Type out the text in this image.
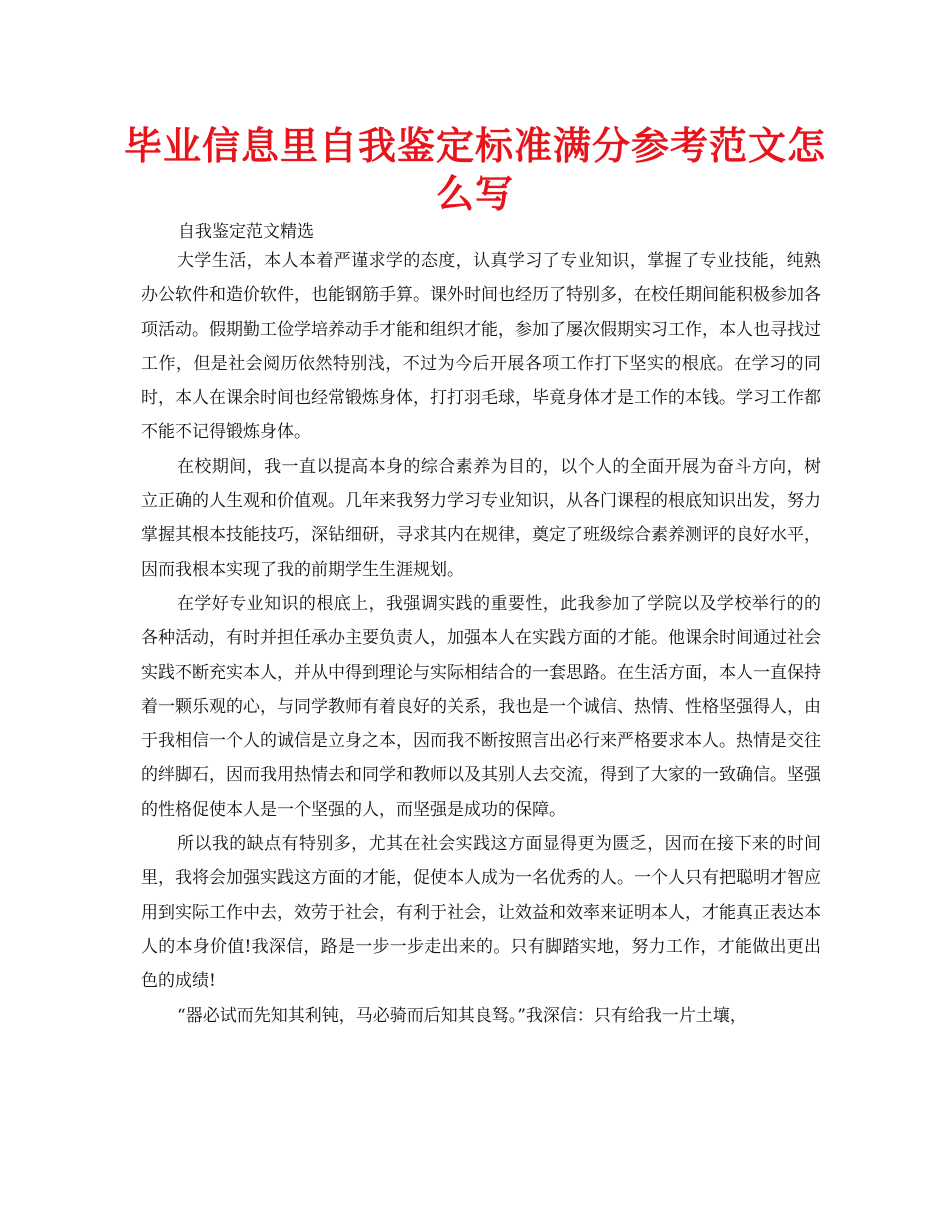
毕业信息里自我鉴定标准满分参考范文怎么写
自我鉴定范文精选

大学生活，本人本着严谨求学的态度，认真学习了专业知识，掌握了专业技能，纯熟办公软件和造价软件，也能钢筋手算。课外时间也经历了特别多，在校任期间能积极参加各项活动。假期勤工俭学培养动手才能和组织才能，参加了屡次假期实习工作，本人也寻找过工作，但是社会阅历依然特别浅，不过为今后开展各项工作打下坚实的根底。在学习的同时，本人在课余时间也经常锻炼身体，打打羽毛球，毕竟身体才是工作的本钱。学习工作都不能不记得锻炼身体。

在校期间，我一直以提高本身的综合素养为目的，以个人的全面开展为奋斗方向，树立正确的人生观和价值观。几年来我努力学习专业知识，从各门课程的根底知识出发，努力掌握其根本技能技巧，深钻细研，寻求其内在规律，奠定了班级综合素养测评的良好水平，因而我根本实现了我的前期学生生涯规划。

在学好专业知识的根底上，我强调实践的重要性，此我参加了学院以及学校举行的的各种活动，有时并担任承办主要负责人，加强本人在实践方面的才能。他课余时间通过社会实践不断充实本人，并从中得到理论与实际相结合的一套思路。在生活方面，本人一直保持着一颗乐观的心，与同学教师有着良好的关系，我也是一个诚信、热情、性格坚强得人，由于我相信一个人的诚信是立身之本，因而我不断按照言出必行来严格要求本人。热情是交往的绊脚石，因而我用热情去和同学和教师以及其别人去交流，得到了大家的一致确信。坚强的性格促使本人是一个坚强的人，而坚强是成功的保障。

所以我的缺点有特别多，尤其在社会实践这方面显得更为匮乏，因而在接下来的时间里，我将会加强实践这方面的才能，促使本人成为一名优秀的人。一个人只有把聪明才智应用到实际工作中去，效劳于社会，有利于社会，让效益和效率来证明本人，才能真正表达本人的本身价值!我深信，路是一步一步走出来的。只有脚踏实地，努力工作，才能做出更出色的成绩!

“器必试而先知其利钝，马必骑而后知其良驽。”我深信：只有给我一片土壤，
